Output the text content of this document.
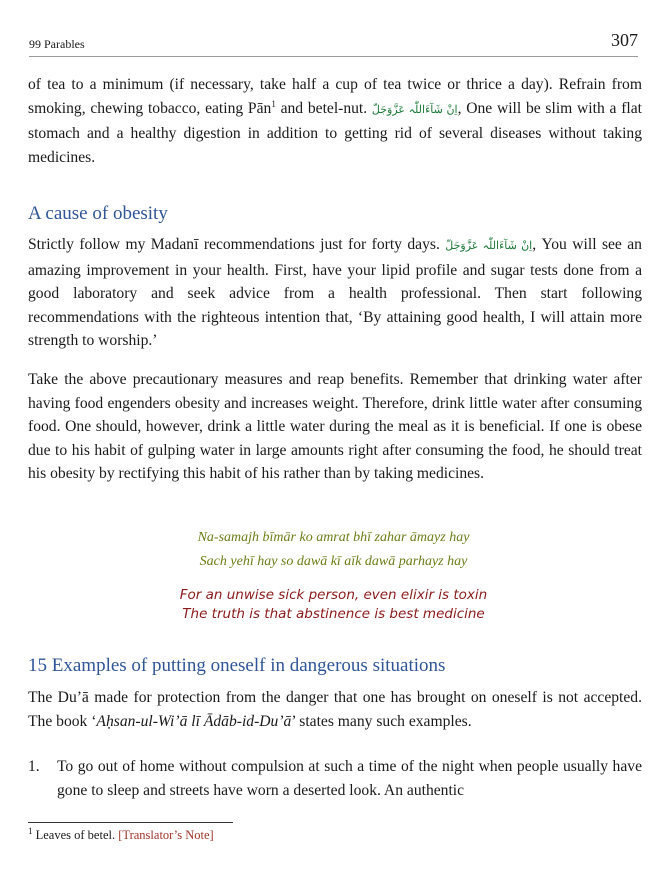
99 Parables	307

of tea to a minimum (if necessary, take half a cup of tea twice or thrice a day). Refrain from smoking, chewing tobacco, eating Pān$^1$ and betel-nut. اِنْ شَآءَاللّٰہ عَزَّوَجَلّ, One will be slim with a flat stomach and a healthy digestion in addition to getting rid of several diseases without taking medicines.

A cause of obesity

Strictly follow my Madanī recommendations just for forty days. اِنْ شَآءَاللّٰہ عَزَّوَجَلّ, You will see an amazing improvement in your health. First, have your lipid profile and sugar tests done from a good laboratory and seek advice from a health professional. Then start following recommendations with the righteous intention that, ‘By attaining good health, I will attain more strength to worship.’

Take the above precautionary measures and reap benefits. Remember that drinking water after having food engenders obesity and increases weight. Therefore, drink little water after consuming food. One should, however, drink a little water during the meal as it is beneficial. If one is obese due to his habit of gulping water in large amounts right after consuming the food, he should treat his obesity by rectifying this habit of his rather than by taking medicines.

Na-samajh bīmār ko amrat bhī zahar āmayz hay
Sach yehī hay so dawā kī aīk dawā parhayz hay
For an unwise sick person, even elixir is toxin
The truth is that abstinence is best medicine
15 Examples of putting oneself in dangerous situations

The Du’ā made for protection from the danger that one has brought on oneself is not accepted. The book ‘Aḥsan-ul-Wi’ā lī Ādāb-id-Du’ā’ states many such examples.

1. To go out of home without compulsion at such a time of the night when people usually have gone to sleep and streets have worn a deserted look. An authentic
$^1$ Leaves of betel. [Translator’s Note]
